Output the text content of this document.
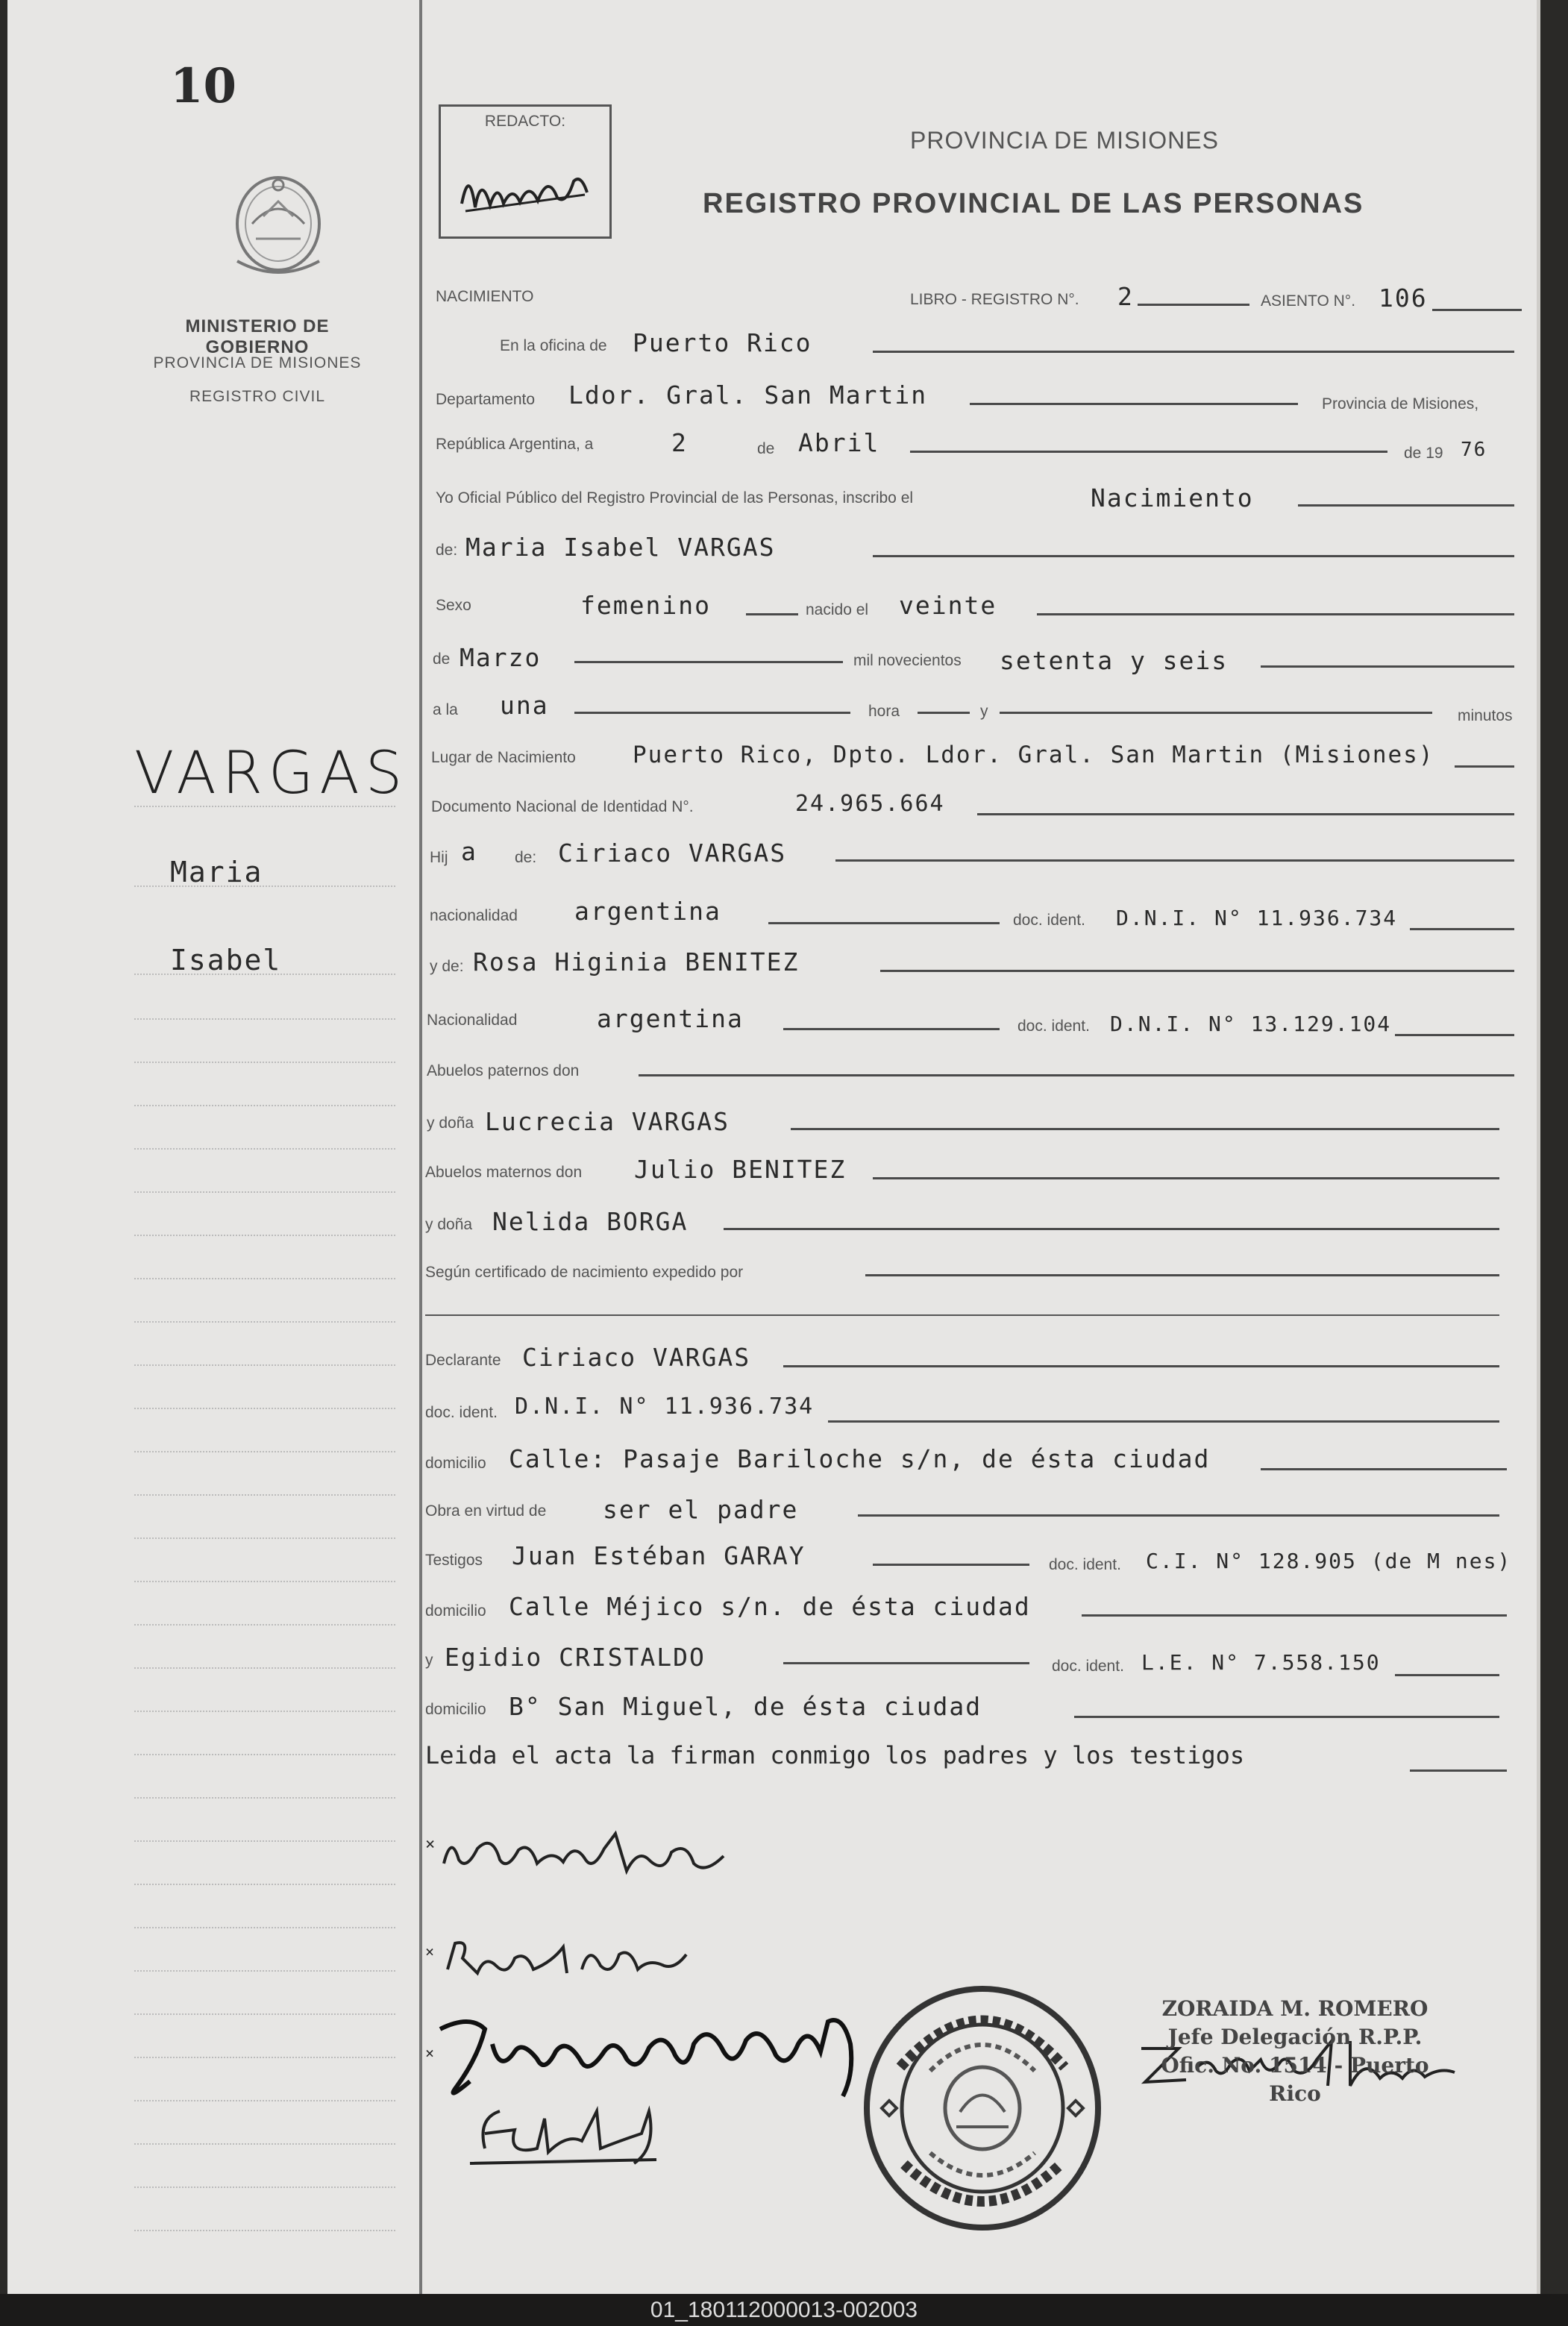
10
MINISTERIO DE GOBIERNO
PROVINCIA DE MISIONES
REGISTRO CIVIL
VARGAS
Maria
Isabel
REDACTO:
PROVINCIA DE MISIONES
REGISTRO PROVINCIAL DE LAS PERSONAS
NACIMIENTO	LIBRO - REGISTRO N°. 2	ASIENTO N°. 106
En la oficina de Puerto Rico
Departamento Ldor. Gral. San Martin	Provincia de Misiones,
República Argentina, a	2	de Abril	de 19 76
Yo Oficial Público del Registro Provincial de las Personas, inscribo el	Nacimiento
de: Maria Isabel VARGAS
Sexo	femenino	nacido el veinte
de Marzo	mil novecientos setenta y seis
a la una	hora	y	minutos
Lugar de Nacimiento Puerto Rico, Dpto. Ldor. Gral. San Martin (Misiones)
Documento Nacional de Identidad N°.	24.965.664
Hij a de: Ciriaco VARGAS
nacionalidad argentina	doc. ident. D.N.I. N° 11.936.734
y de: Rosa Higinia BENITEZ
Nacionalidad	argentina	doc. ident. D.N.I. N° 13.129.104
Abuelos paternos don
y doña Lucrecia VARGAS
Abuelos maternos don Julio BENITEZ
y doña Nelida BORGA
Según certificado de nacimiento expedido por
Declarante Ciriaco VARGAS
doc. ident. D.N.I. N° 11.936.734
domicilio Calle: Pasaje Bariloche s/n, de ésta ciudad
Obra en virtud de ser el padre
Testigos Juan Estéban GARAY	doc. ident. C.I. N° 128.905 (de M nes)
domicilio Calle Méjico s/n. de ésta ciudad
y Egidio CRISTALDO	doc. ident. L.E. N° 7.558.150
domicilio B° San Miguel, de ésta ciudad
Leida el acta la firman conmigo los padres y los testigos
×
×
×
ZORAIDA M. ROMERO
Jefe Delegación R.P.P.
Ofic. No. 1514 - Puerto Rico
01_180112000013-002003
